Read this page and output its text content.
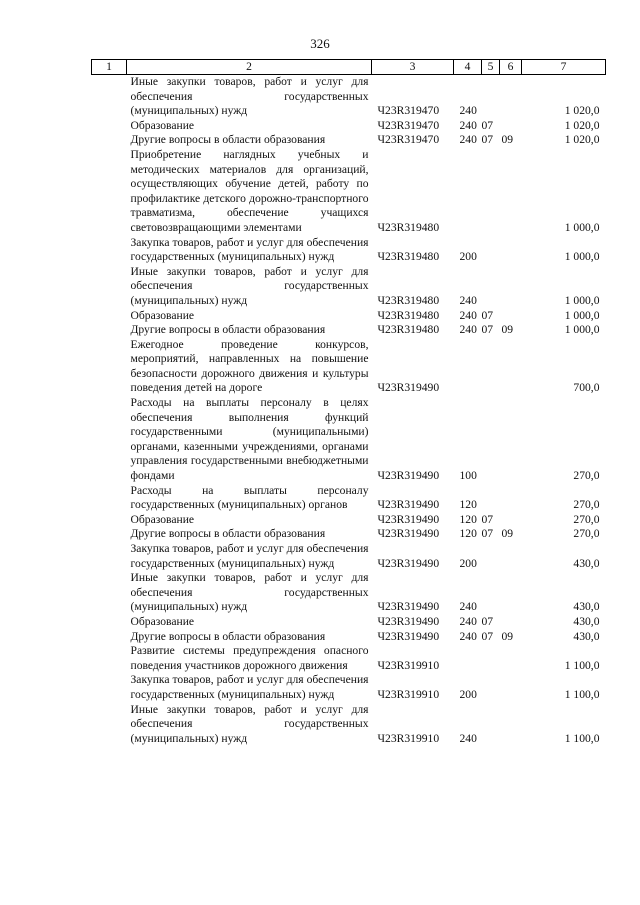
326
1	2	3	4	5	6	7
	Иные закупки товаров, работ и услуг для обеспечения государственных (муниципальных) нужд	Ч23R319470	240			1 020,0
	Образование	Ч23R319470	240	07		1 020,0
	Другие вопросы в области образования	Ч23R319470	240	07	09	1 020,0
	Приобретение наглядных учебных и методических материалов для организаций, осуществляющих обучение детей, работу по профилактике детского дорожно-транспортного травматизма, обеспечение учащихся световозвращающими элементами	Ч23R319480				1 000,0
	Закупка товаров, работ и услуг для обеспечения государственных (муниципальных) нужд	Ч23R319480	200			1 000,0
	Иные закупки товаров, работ и услуг для обеспечения государственных (муниципальных) нужд	Ч23R319480	240			1 000,0
	Образование	Ч23R319480	240	07		1 000,0
	Другие вопросы в области образования	Ч23R319480	240	07	09	1 000,0
	Ежегодное проведение конкурсов, мероприятий, направленных на повышение безопасности дорожного движения и культуры поведения детей на дороге	Ч23R319490				700,0
	Расходы на выплаты персоналу в целях обеспечения выполнения функций государственными (муниципальными) органами, казенными учреждениями, органами управления государственными внебюджетными фондами	Ч23R319490	100			270,0
	Расходы на выплаты персоналу государственных (муниципальных) органов	Ч23R319490	120			270,0
	Образование	Ч23R319490	120	07		270,0
	Другие вопросы в области образования	Ч23R319490	120	07	09	270,0
	Закупка товаров, работ и услуг для обеспечения государственных (муниципальных) нужд	Ч23R319490	200			430,0
	Иные закупки товаров, работ и услуг для обеспечения государственных (муниципальных) нужд	Ч23R319490	240			430,0
	Образование	Ч23R319490	240	07		430,0
	Другие вопросы в области образования	Ч23R319490	240	07	09	430,0
	Развитие системы предупреждения опасного поведения участников дорожного движения	Ч23R319910				1 100,0
	Закупка товаров, работ и услуг для обеспечения государственных (муниципальных) нужд	Ч23R319910	200			1 100,0
	Иные закупки товаров, работ и услуг для обеспечения государственных (муниципальных) нужд	Ч23R319910	240			1 100,0
